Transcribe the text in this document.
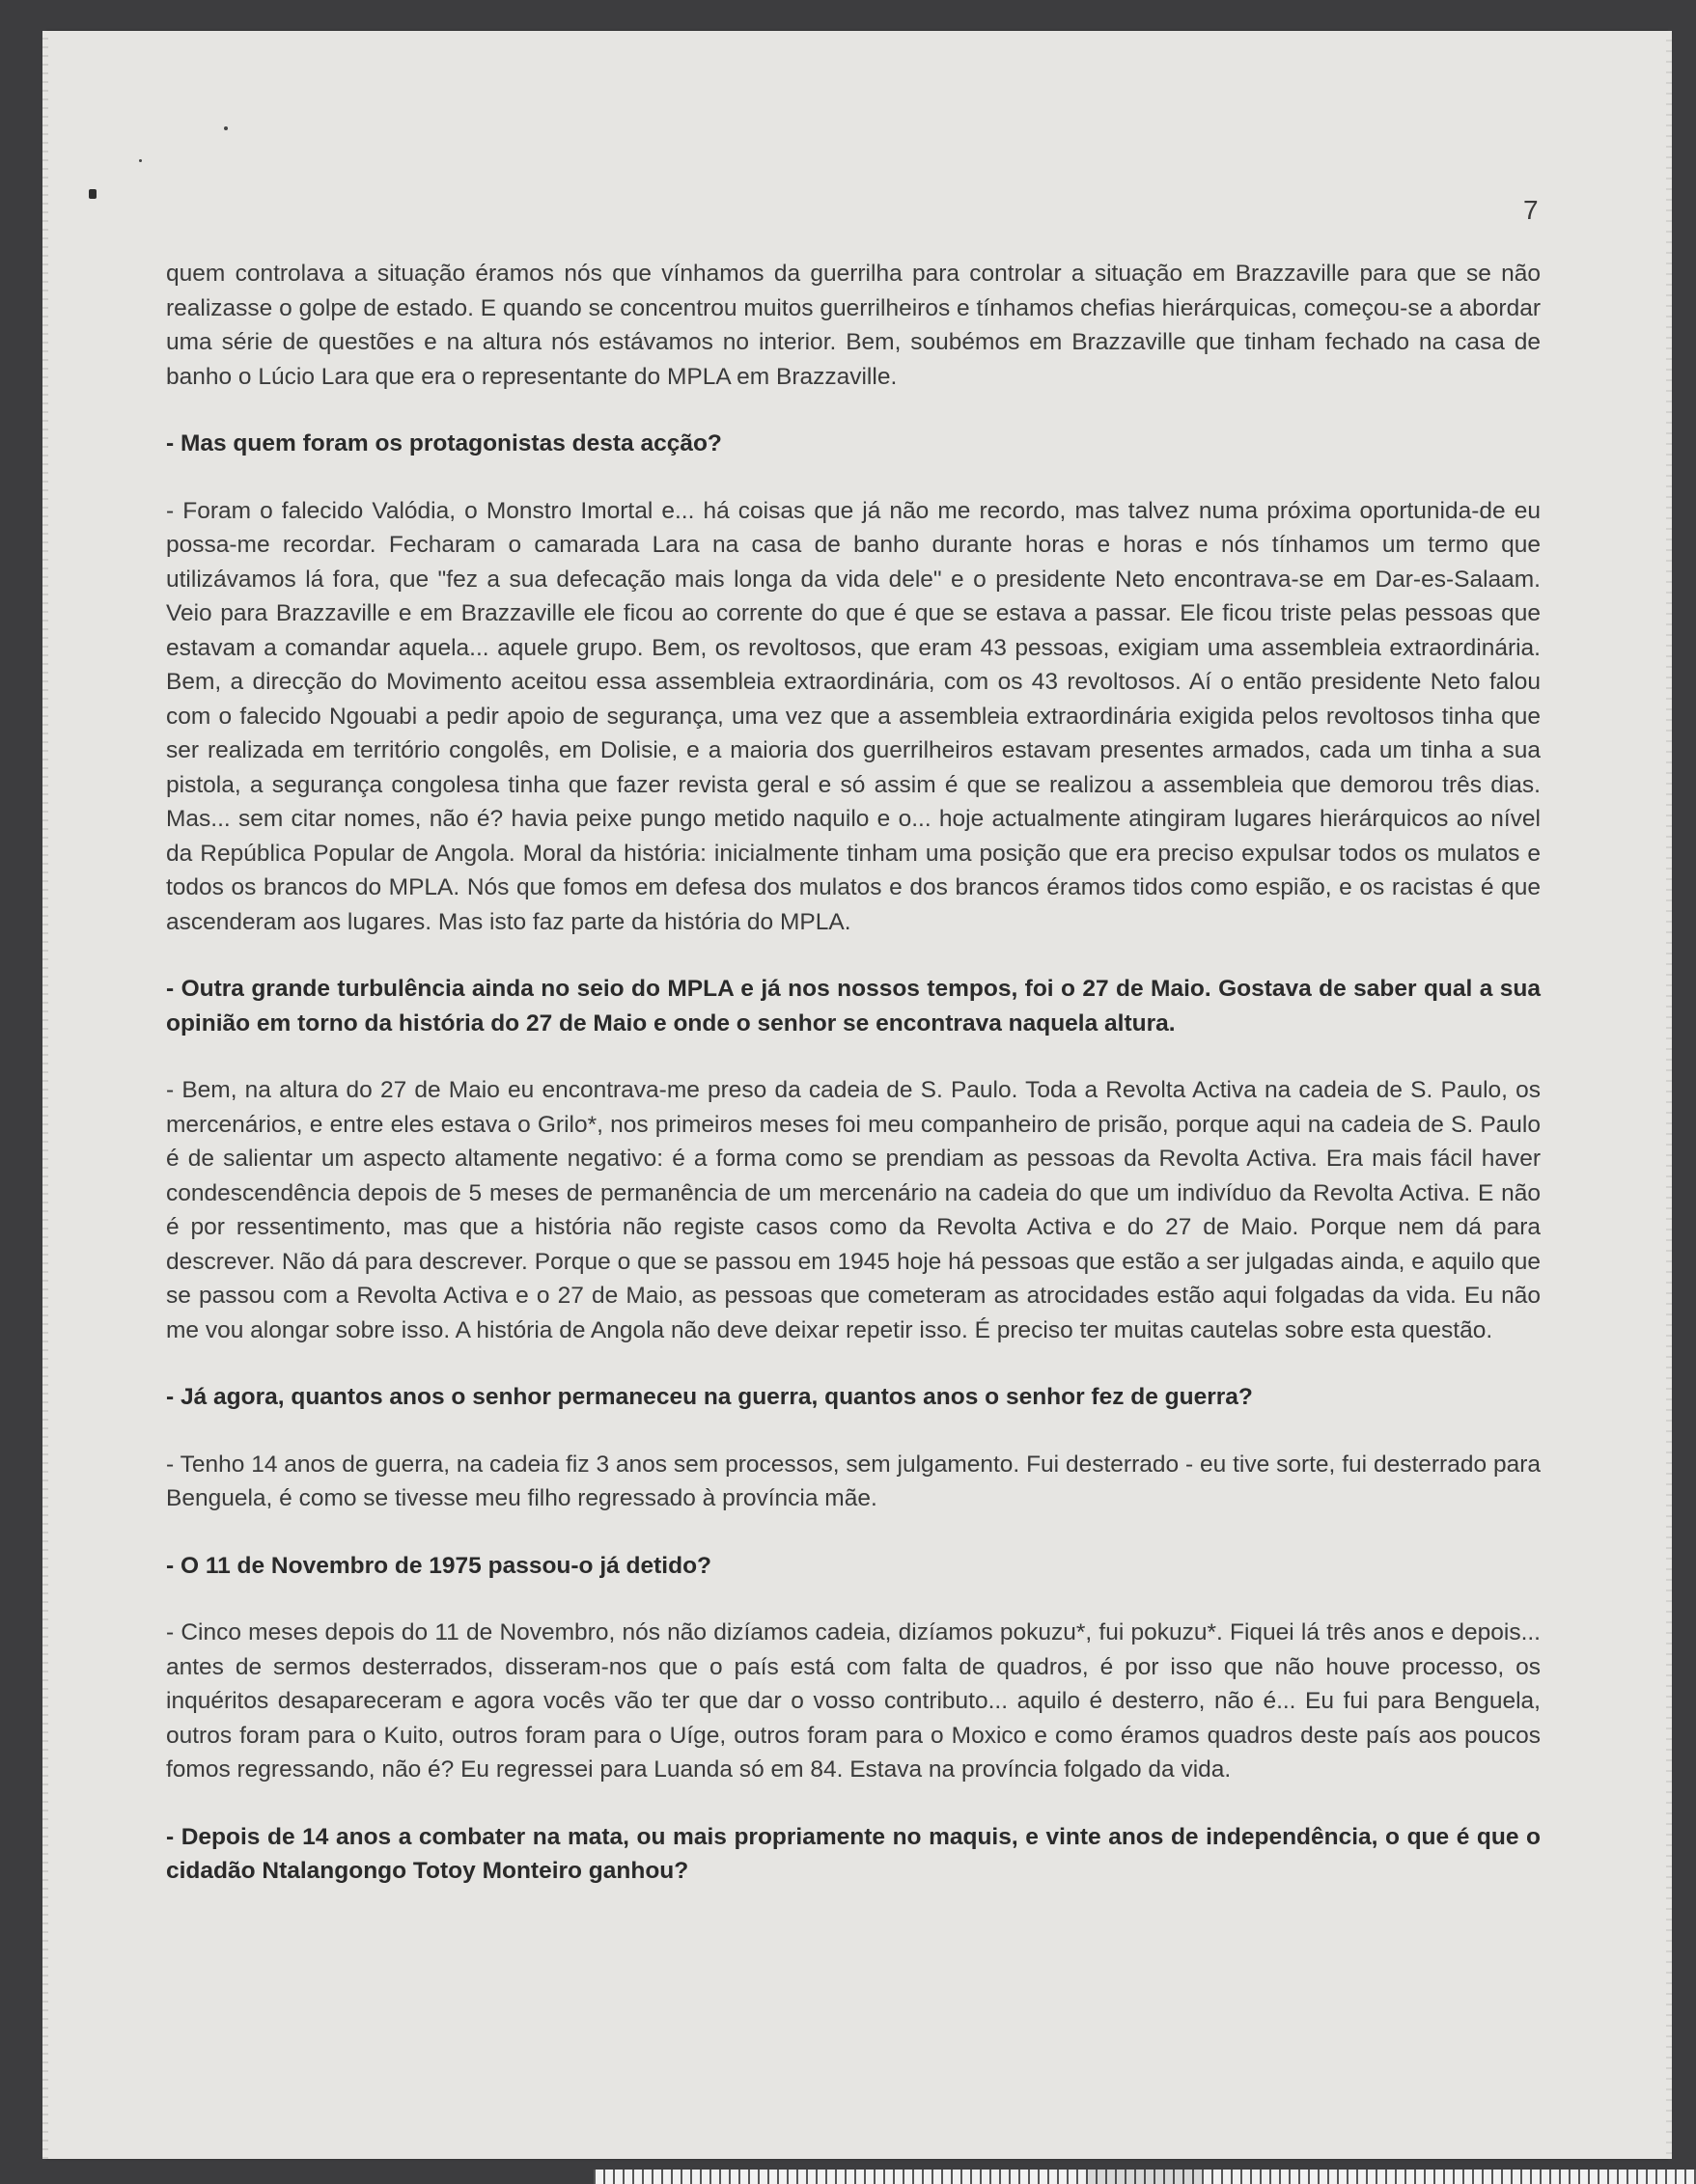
7

quem controlava a situação éramos nós que vínhamos da guerrilha para controlar a situação em Brazzaville para que se não realizasse o golpe de estado. E quando se concentrou muitos guerrilheiros e tínhamos chefias hierárquicas, começou-se a abordar uma série de questões e na altura nós estávamos no interior. Bem, soubémos em Brazzaville que tinham fechado na casa de banho o Lúcio Lara que era o representante do MPLA em Brazzaville.

- Mas quem foram os protagonistas desta acção?

- Foram o falecido Valódia, o Monstro Imortal e... há coisas que já não me recordo, mas talvez numa próxima oportunida-de eu possa-me recordar. Fecharam o camarada Lara na casa de banho durante horas e horas e nós tínhamos um termo que utilizávamos lá fora, que "fez a sua defecação mais longa da vida dele" e o presidente Neto encontrava-se em Dar-es-Salaam. Veio para Brazzaville e em Brazzaville ele ficou ao corrente do que é que se estava a passar. Ele ficou triste pelas pessoas que estavam a comandar aquela... aquele grupo. Bem, os revoltosos, que eram 43 pessoas, exigiam uma assembleia extraordinária. Bem, a direcção do Movimento aceitou essa assembleia extraordinária, com os 43 revoltosos. Aí o então presidente Neto falou com o falecido Ngouabi a pedir apoio de segurança, uma vez que a assembleia extraordinária exigida pelos revoltosos tinha que ser realizada em território congolês, em Dolisie, e a maioria dos guerrilheiros estavam presentes armados, cada um tinha a sua pistola, a segurança congolesa tinha que fazer revista geral e só assim é que se realizou a assembleia que demorou três dias. Mas... sem citar nomes, não é? havia peixe pungo metido naquilo e o... hoje actualmente atingiram lugares hierárquicos ao nível da República Popular de Angola. Moral da história: inicialmente tinham uma posição que era preciso expulsar todos os mulatos e todos os brancos do MPLA. Nós que fomos em defesa dos mulatos e dos brancos éramos tidos como espião, e os racistas é que ascenderam aos lugares. Mas isto faz parte da história do MPLA.

- Outra grande turbulência ainda no seio do MPLA e já nos nossos tempos, foi o 27 de Maio. Gostava de saber qual a sua opinião em torno da história do 27 de Maio e onde o senhor se encontrava naquela altura.

- Bem, na altura do 27 de Maio eu encontrava-me preso da cadeia de S. Paulo. Toda a Revolta Activa na cadeia de S. Paulo, os mercenários, e entre eles estava o Grilo*, nos primeiros meses foi meu companheiro de prisão, porque aqui na cadeia de S. Paulo é de salientar um aspecto altamente negativo: é a forma como se prendiam as pessoas da Revolta Activa. Era mais fácil haver condescendência depois de 5 meses de permanência de um mercenário na cadeia do que um indivíduo da Revolta Activa. E não é por ressentimento, mas que a história não registe casos como da Revolta Activa e do 27 de Maio. Porque nem dá para descrever. Não dá para descrever. Porque o que se passou em 1945 hoje há pessoas que estão a ser julgadas ainda, e aquilo que se passou com a Revolta Activa e o 27 de Maio, as pessoas que cometeram as atrocidades estão aqui folgadas da vida. Eu não me vou alongar sobre isso. A história de Angola não deve deixar repetir isso. É preciso ter muitas cautelas sobre esta questão.

- Já agora, quantos anos o senhor permaneceu na guerra, quantos anos o senhor fez de guerra?

- Tenho 14 anos de guerra, na cadeia fiz 3 anos sem processos, sem julgamento. Fui desterrado - eu tive sorte, fui desterrado para Benguela, é como se tivesse meu filho regressado à província mãe.

- O 11 de Novembro de 1975 passou-o já detido?

- Cinco meses depois do 11 de Novembro, nós não dizíamos cadeia, dizíamos pokuzu*, fui pokuzu*. Fiquei lá três anos e depois... antes de sermos desterrados, disseram-nos que o país está com falta de quadros, é por isso que não houve processo, os inquéritos desapareceram e agora vocês vão ter que dar o vosso contributo... aquilo é desterro, não é... Eu fui para Benguela, outros foram para o Kuito, outros foram para o Uíge, outros foram para o Moxico e como éramos quadros deste país aos poucos fomos regressando, não é? Eu regressei para Luanda só em 84. Estava na província folgado da vida.

- Depois de 14 anos a combater na mata, ou mais propriamente no maquis, e vinte anos de independência, o que é que o cidadão Ntalangongo Totoy Monteiro ganhou?
